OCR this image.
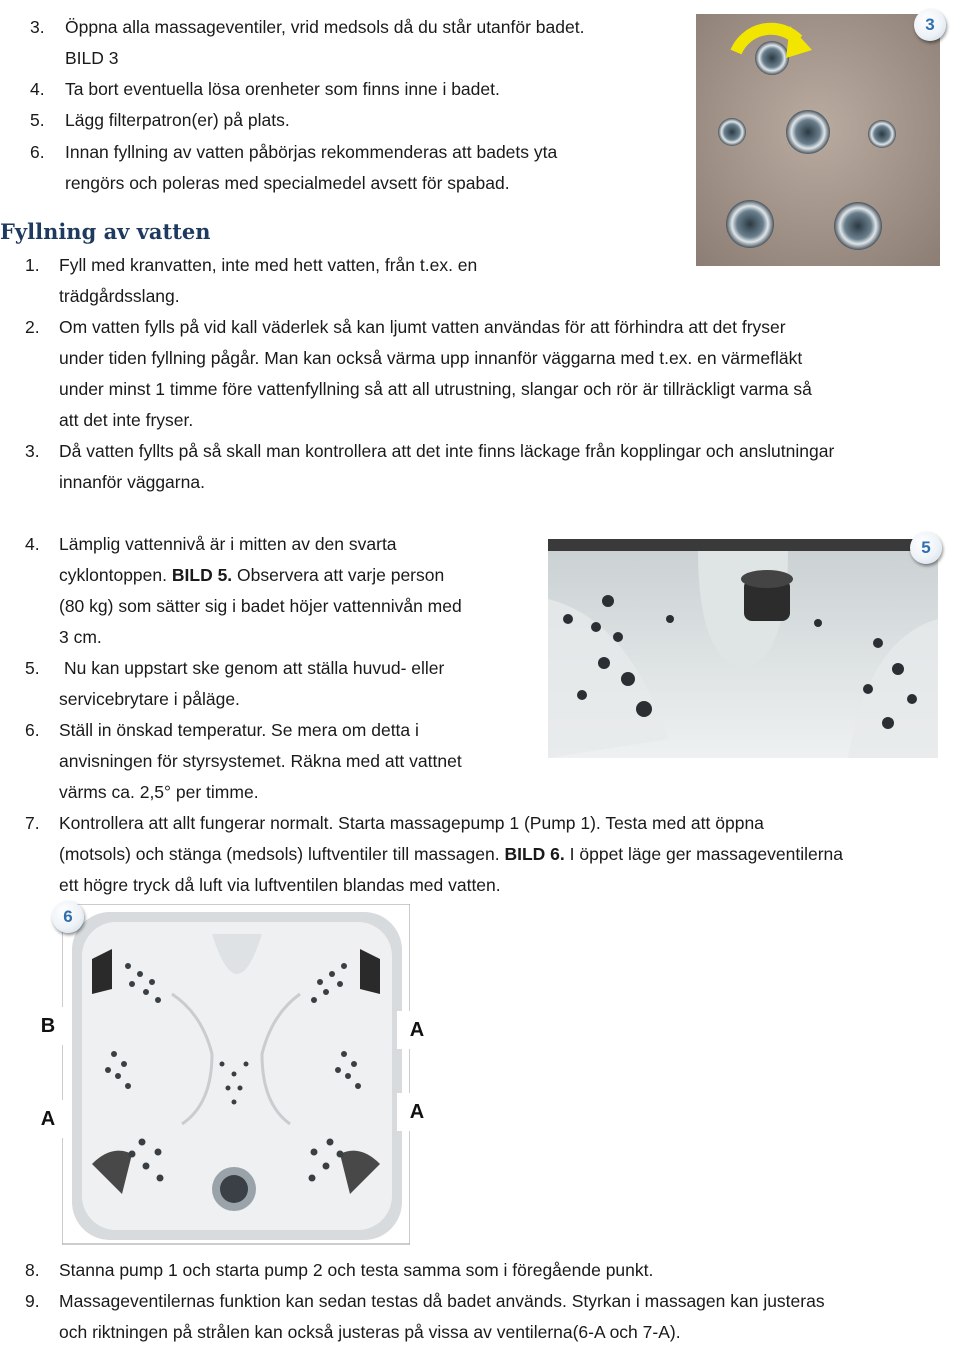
3. Öppna alla massageventiler, vrid medsols då du står utanför badet.
BILD 3
4. Ta bort eventuella lösa orenheter som finns inne i badet.
5. Lägg filterpatron(er) på plats.
6. Innan fyllning av vatten påbörjas rekommenderas att badets yta
rengörs och poleras med specialmedel avsett för spabad.
3
Fyllning av vatten
1. Fyll med kranvatten, inte med hett vatten, från t.ex. en
trädgårdsslang.
2. Om vatten fylls på vid kall väderlek så kan ljumt vatten användas för att förhindra att det fryser
under tiden fyllning pågår. Man kan också värma upp innanför väggarna med t.ex. en värmefläkt
under minst 1 timme före vattenfyllning så att all utrustning, slangar och rör är tillräckligt varma så
att det inte fryser.
3. Då vatten fyllts på så skall man kontrollera att det inte finns läckage från kopplingar och anslutningar
innanför väggarna.
4. Lämplig vattennivå är i mitten av den svarta
cyklontoppen. BILD 5. Observera att varje person
(80 kg) som sätter sig i badet höjer vattennivån med
3 cm.
5. Nu kan uppstart ske genom att ställa huvud- eller
servicebrytare i påläge.
6. Ställ in önskad temperatur. Se mera om detta i
anvisningen för styrsystemet. Räkna med att vattnet
värms ca. 2,5° per timme.
7. Kontrollera att allt fungerar normalt. Starta massagepump 1 (Pump 1). Testa med att öppna
(motsols) och stänga (medsols) luftventiler till massagen. BILD 6. I öppet läge ger massageventilerna
ett högre tryck då luft via luftventilen blandas med vatten.
5
6
B	A
A	A
8. Stanna pump 1 och starta pump 2 och testa samma som i föregående punkt.
9. Massageventilernas funktion kan sedan testas då badet används. Styrkan i massagen kan justeras
och riktningen på strålen kan också justeras på vissa av ventilerna(6-A och 7-A).
